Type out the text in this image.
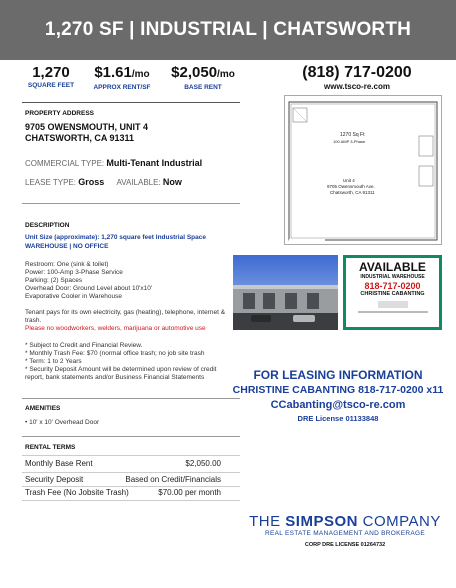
1,270 SF | INDUSTRIAL | CHATSWORTH
1,270
SQUARE FEET
$1.61/mo
APPROX RENT/SF
$2,050/mo
BASE RENT
(818) 717-0200
www.tsco-re.com
PROPERTY ADDRESS
9705 OWENSMOUTH, UNIT 4
CHATSWORTH, CA 91311
COMMERCIAL TYPE: Multi-Tenant Industrial
LEASE TYPE: Gross AVAILABLE: Now
1270 Sq Ft
100 AMP 3-Phase
Unit 4
9705 Owensmouth Ave.
Chatsworth, CA 91311
DESCRIPTION
Unit Size (approximate): 1,270 square feet Industrial Space
WAREHOUSE | NO OFFICE
Restroom: One (sink & toilet)
Power: 100-Amp 3-Phase Service
Parking: (2) Spaces
Overhead Door: Ground Level about 10'x10'
Evaporative Cooler in Warehouse
Tenant pays for its own electricity, gas (heating), telephone, internet & trash.
Please no woodworkers, welders, marijuana or automotive use
* Subject to Credit and Financial Review.
* Monthly Trash Fee: $70 (normal office trash; no job site trash
* Term: 1 to 2 Years
* Security Deposit Amount will be determined upon review of credit report, bank statements and/or Business Financial Statements
AMENITIES
• 10' x 10' Overhead Door
RENTAL TERMS
Monthly Base Rent	$2,050.00
Security Deposit	Based on Credit/Financials
Trash Fee (No Jobsite Trash)	$70.00 per month
AVAILABLE
INDUSTRIAL WAREHOUSE
818-717-0200
CHRISTINE CABANTING
FOR LEASING INFORMATION
CHRISTINE CABANTING 818-717-0200 x11
CCabanting@tsco-re.com
DRE License 01133848
THE SIMPSON COMPANY
REAL ESTATE MANAGEMENT AND BROKERAGE
CORP DRE LICENSE 01264732
